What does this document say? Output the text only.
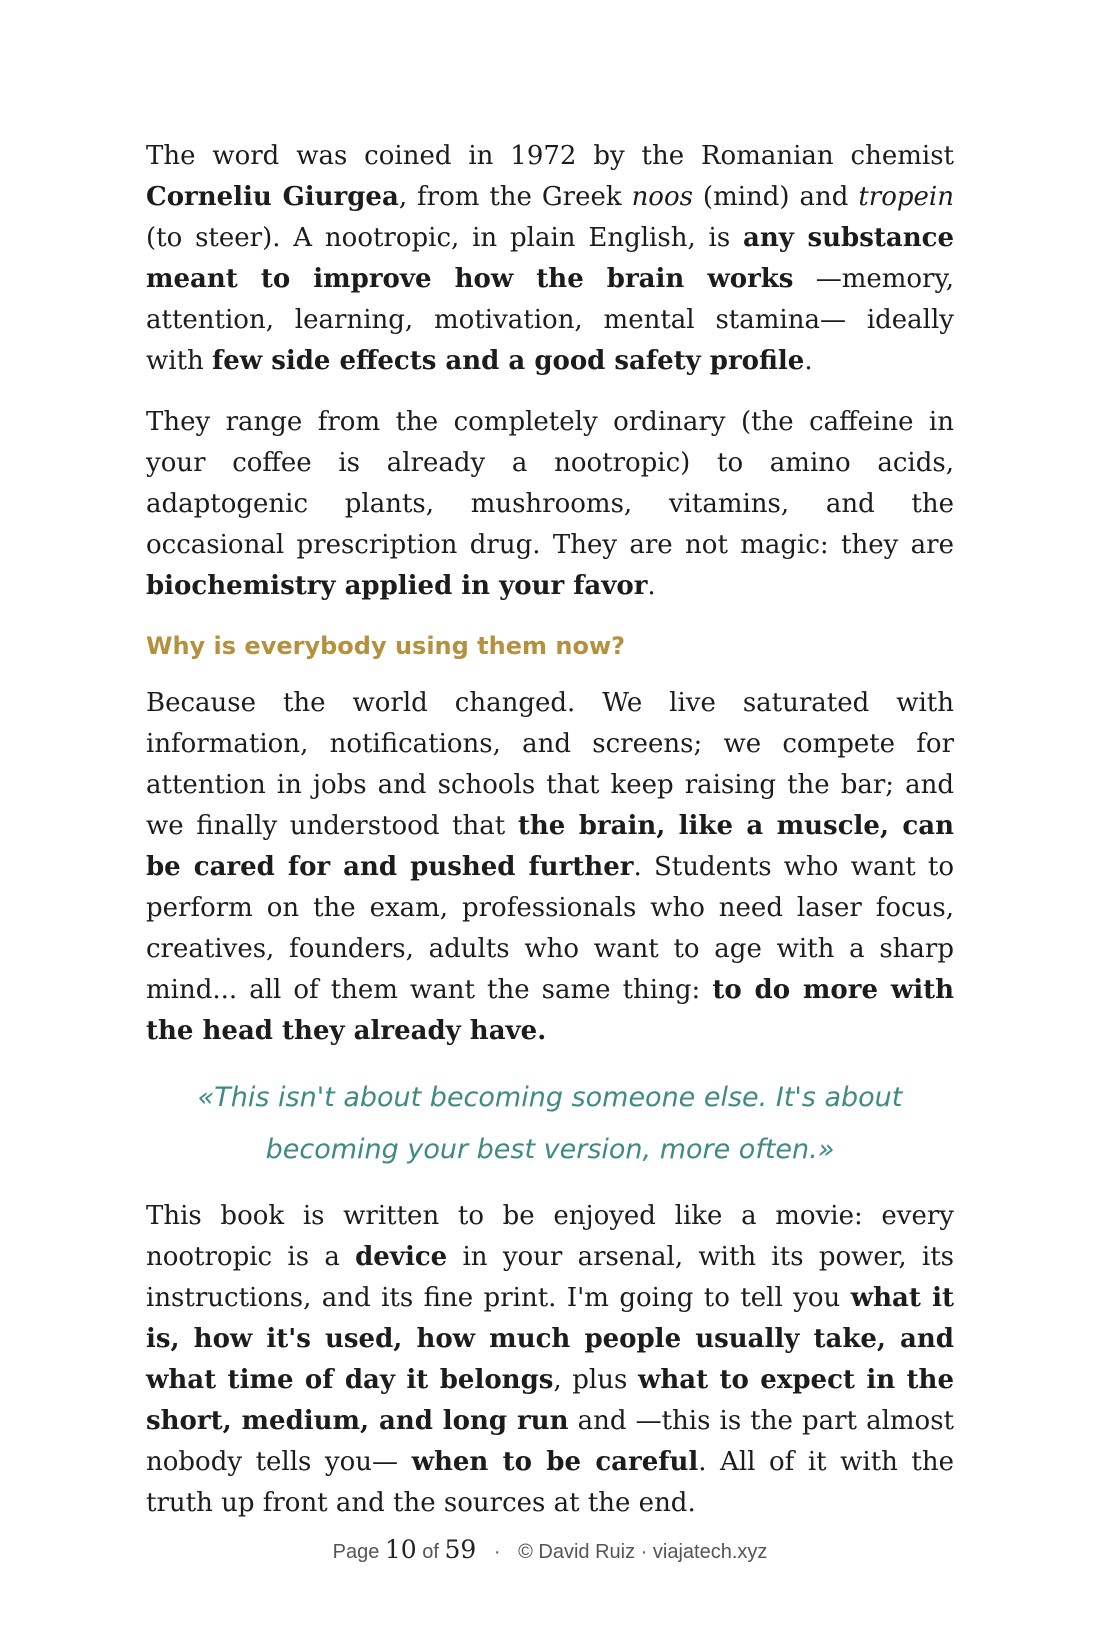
The word was coined in 1972 by the Romanian chemist Corneliu Giurgea, from the Greek noos (mind) and tropein (to steer). A nootropic, in plain English, is any substance meant to improve how the brain works —memory, attention, learning, motivation, mental stamina— ideally with few side effects and a good safety profile.

They range from the completely ordinary (the caffeine in your coffee is already a nootropic) to amino acids, adaptogenic plants, mushrooms, vitamins, and the occasional prescription drug. They are not magic: they are biochemistry applied in your favor.

Why is everybody using them now?

Because the world changed. We live saturated with information, notifications, and screens; we compete for attention in jobs and schools that keep raising the bar; and we finally understood that the brain, like a muscle, can be cared for and pushed further. Students who want to perform on the exam, professionals who need laser focus, creatives, founders, adults who want to age with a sharp mind... all of them want the same thing: to do more with the head they already have.

«This isn't about becoming someone else. It's about becoming your best version, more often.»

This book is written to be enjoyed like a movie: every nootropic is a device in your arsenal, with its power, its instructions, and its fine print. I'm going to tell you what it is, how it's used, how much people usually take, and what time of day it belongs, plus what to expect in the short, medium, and long run and —this is the part almost nobody tells you— when to be careful. All of it with the truth up front and the sources at the end.

Page 10 of 59 · © David Ruiz · viajatech.xyz
